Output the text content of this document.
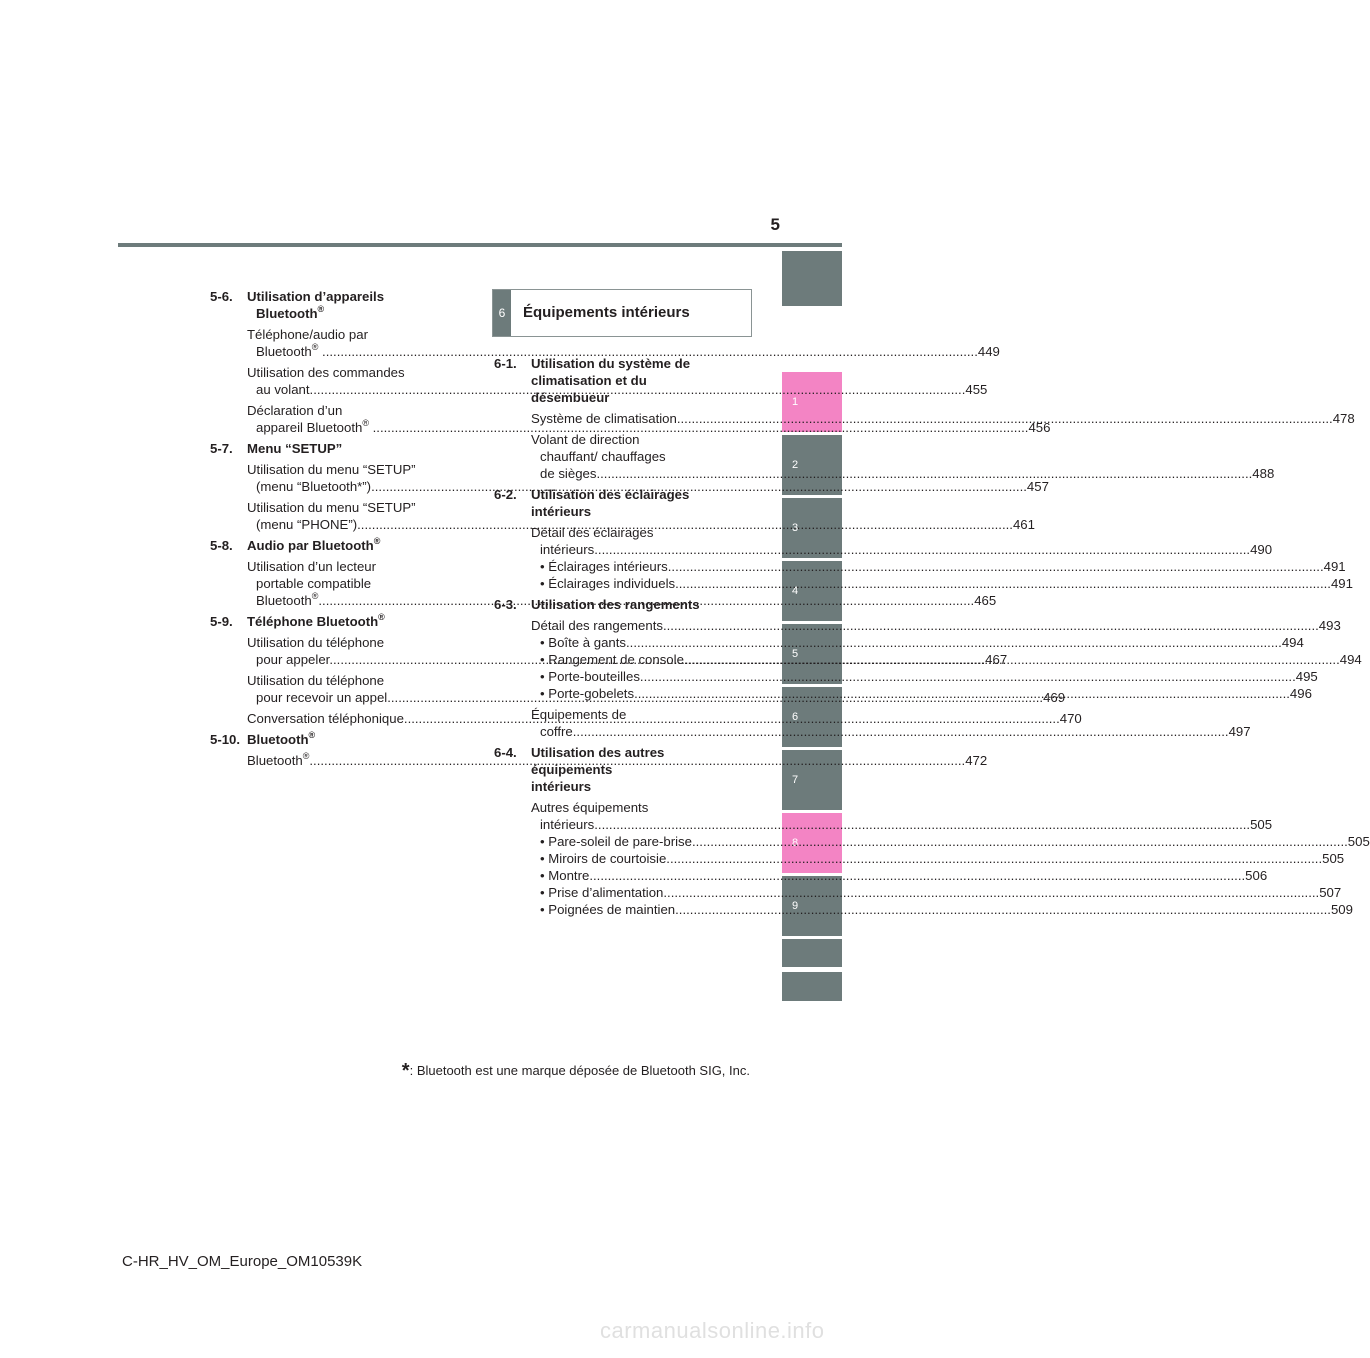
5
1
2
3
4
5
6
7
8
9
5-6.	Utilisation d’appareils
Bluetooth®
Téléphone/audio par
Bluetooth® .....	449
Utilisation des commandes
au volant .....	455
Déclaration d’un
appareil Bluetooth® .....	456
5-7.	Menu “SETUP”
Utilisation du menu “SETUP”
(menu “Bluetooth*”) .....	457
Utilisation du menu “SETUP”
(menu “PHONE”) .....	461
5-8.	Audio par Bluetooth®
Utilisation d’un lecteur
portable compatible
Bluetooth® .....	465
5-9.	Téléphone Bluetooth®
Utilisation du téléphone
pour appeler .....	467
Utilisation du téléphone
pour recevoir un appel .....	469
Conversation téléphonique .....	470
5-10. Bluetooth®
Bluetooth® .....	472
6	Équipements intérieurs
6-1.	Utilisation du système de
climatisation et du
désembueur
Système de climatisation .....	478
Volant de direction
chauffant/ chauffages
de sièges .....	488
6-2.	Utilisation des éclairages
intérieurs
Détail des éclairages
intérieurs .....	490
• Éclairages intérieurs .....	491
• Éclairages individuels .....	491
6-3.	Utilisation des rangements
Détail des rangements .....	493
• Boîte à gants .....	494
• Rangement de console .....	494
• Porte-bouteilles .....	495
• Porte-gobelets .....	496
Équipements de
coffre .....	497
6-4.	Utilisation des autres
équipements
intérieurs
Autres équipements
intérieurs .....	505
• Pare-soleil de pare-brise .....	505
• Miroirs de courtoisie .....	505
• Montre .....	506
• Prise d’alimentation .....	507
• Poignées de maintien .....	509
*: Bluetooth est une marque déposée de Bluetooth SIG, Inc.
C-HR_HV_OM_Europe_OM10539K
carmanualsonline.info
